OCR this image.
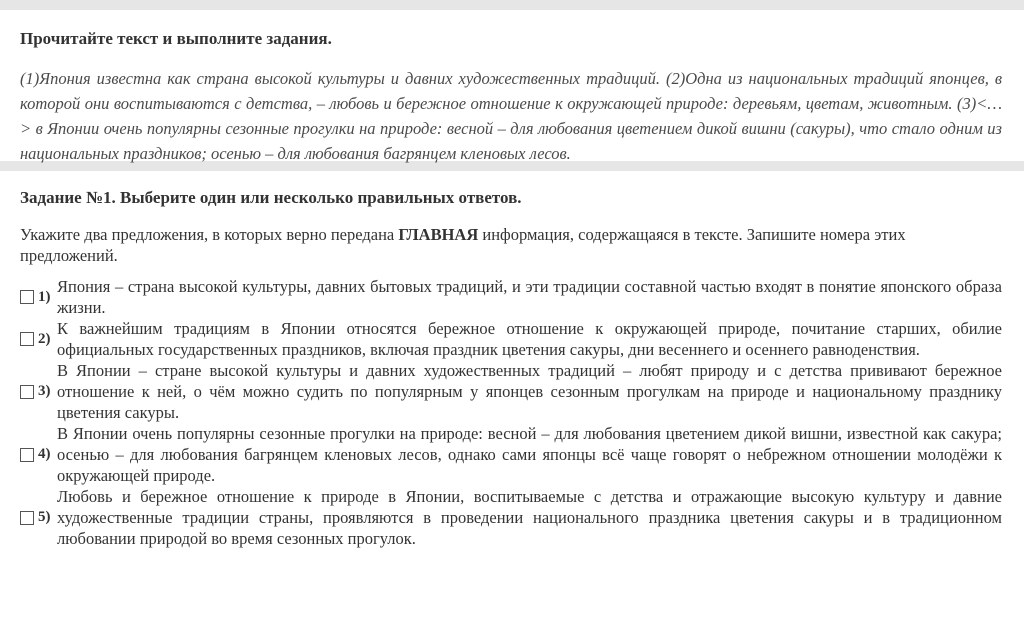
Прочитайте текст и выполните задания.

(1)Япония известна как страна высокой культуры и давних художественных традиций. (2)Одна из национальных традиций японцев, в которой они воспитываются с детства, – любовь и бережное отношение к окружающей природе: деревьям, цветам, животным. (3)<…> в Японии очень популярны сезонные прогулки на природе: весной – для любования цветением дикой вишни (сакуры), что стало одним из национальных праздников; осенью – для любования багрянцем кленовых лесов.

Задание №1. Выберите один или несколько правильных ответов.

Укажите два предложения, в которых верно передана ГЛАВНАЯ информация, содержащаяся в тексте. Запишите номера этих предложений.
1)
Япония – страна высокой культуры, давних бытовых традиций, и эти традиции составной частью входят в понятие японского образа жизни.
2)
К важнейшим традициям в Японии относятся бережное отношение к окружающей природе, почитание старших, обилие официальных государственных праздников, включая праздник цветения сакуры, дни весеннего и осеннего равноденствия.
3)
В Японии – стране высокой культуры и давних художественных традиций – любят природу и с детства прививают бережное отношение к ней, о чём можно судить по популярным у японцев сезонным прогулкам на природе и национальному празднику цветения сакуры.
4)
В Японии очень популярны сезонные прогулки на природе: весной – для любования цветением дикой вишни, известной как сакура; осенью – для любования багрянцем кленовых лесов, однако сами японцы всё чаще говорят о небрежном отношении молодёжи к окружающей природе.
5)
Любовь и бережное отношение к природе в Японии, воспитываемые с детства и отражающие высокую культуру и давние художественные традиции страны, проявляются в проведении национального праздника цветения сакуры и в традиционном любовании природой во время сезонных прогулок.
